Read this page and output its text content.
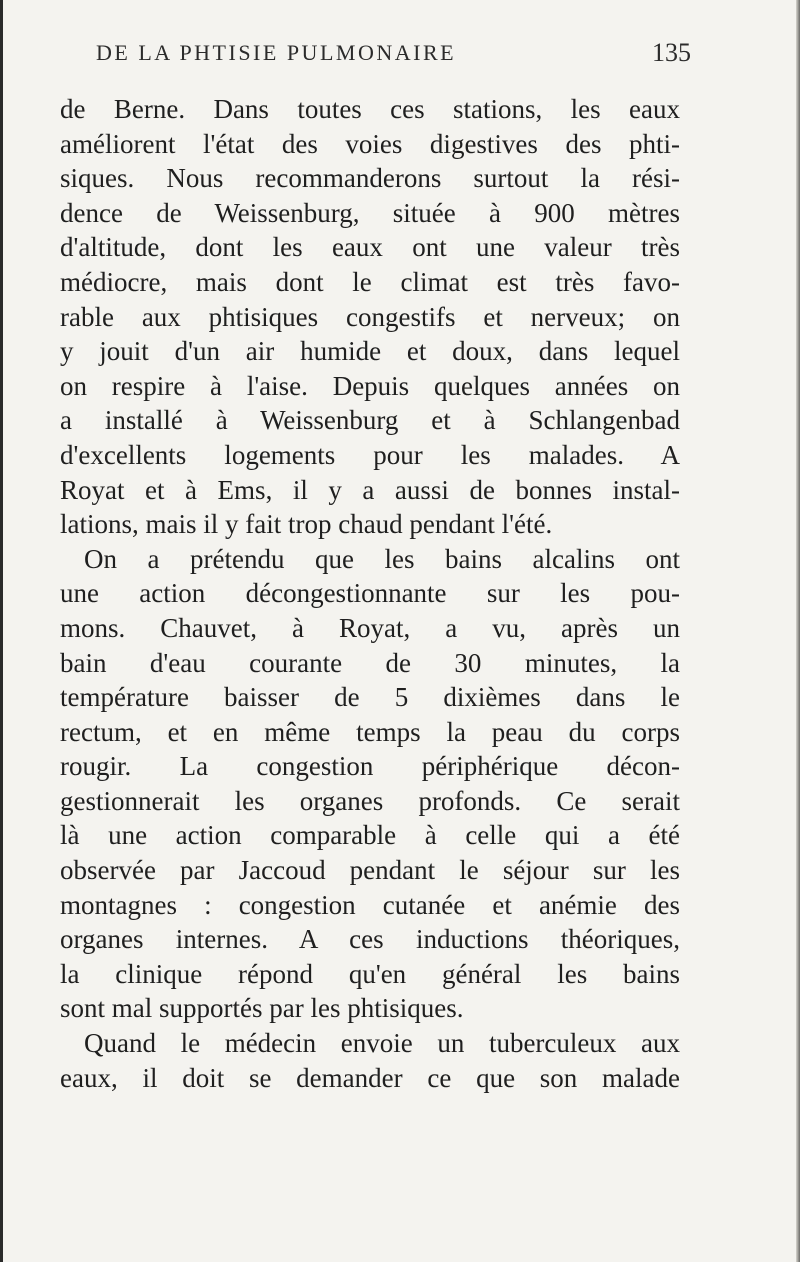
DE LA PHTISIE PULMONAIRE	135
de Berne. Dans toutes ces stations, les eaux
améliorent l'état des voies digestives des phti-
siques. Nous recommanderons surtout la rési-
dence de Weissenburg, située à 900 mètres
d'altitude, dont les eaux ont une valeur très
médiocre, mais dont le climat est très favo-
rable aux phtisiques congestifs et nerveux; on
y jouit d'un air humide et doux, dans lequel
on respire à l'aise. Depuis quelques années on
a installé à Weissenburg et à Schlangenbad
d'excellents logements pour les malades. A
Royat et à Ems, il y a aussi de bonnes instal-
lations, mais il y fait trop chaud pendant l'été.
On a prétendu que les bains alcalins ont
une action décongestionnante sur les pou-
mons. Chauvet, à Royat, a vu, après un
bain d'eau courante de 30 minutes, la
température baisser de 5 dixièmes dans le
rectum, et en même temps la peau du corps
rougir. La congestion périphérique décon-
gestionnerait les organes profonds. Ce serait
là une action comparable à celle qui a été
observée par Jaccoud pendant le séjour sur les
montagnes : congestion cutanée et anémie des
organes internes. A ces inductions théoriques,
la clinique répond qu'en général les bains
sont mal supportés par les phtisiques.
Quand le médecin envoie un tuberculeux aux
eaux, il doit se demander ce que son malade
